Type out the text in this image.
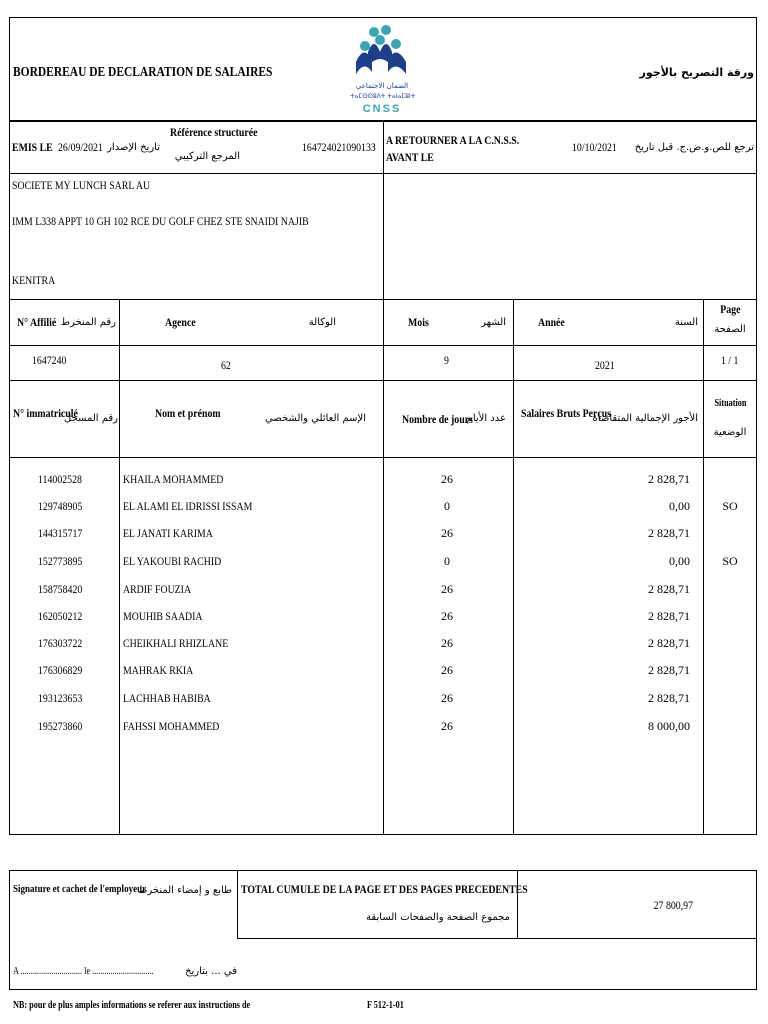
BORDEREAU DE DECLARATION DE SALAIRES	ورقة التصريح بالأجور
الضمان الاجتماعي
ⵜⴰⵎⵙⵙⵓⴷⵜ ⵜⴰⵏⴰⵎⵓⵏⵜ
CNSS
EMIS LE 26/09/2021 تاريخ الإصدار
Référence structurée
المرجع التركيبي
16472402109013З A RETOURNER A LA C.N.S.S.
AVANT LE
10/10/2021	ترجع للص.و.ض.ج. قبل تاريخ
SOCIETE MY LUNCH SARL AU
IMM L338 APPT 10 GH 102 RCE DU GOLF CHEZ STE SNAIDI NAJIB
KENITRA
N° Affilié رقم المنخرط	Agence	الوكالة	Mois	الشهر	Année	السنة
Page
الصفحة
1647240	62	9	2021	1 / 1
N° immatriculé
رقم المسجل	Nom et prénom	الإسم العائلي والشخصي	Nombre de jours
عدد الأيام Salaires Bruts Perçus
الأجور الإجمالية المتقاضاة
Situation
الوضعية
114002528	KHAILA MOHAMMED	26	2 828,71
129748905	EL ALAMI EL IDRISSI ISSAM	0	0,00	SO
144315717	EL JANATI KARIMA	26	2 828,71
152773895	EL YAKOUBI RACHID	0	0,00	SO
158758420	ARDIF FOUZIA	26	2 828,71
162050212	MOUHIB SAADIA	26	2 828,71
176303722	CHEIKHALI RHIZLANE	26	2 828,71
176306829	MAHRAK RKIA	26	2 828,71
193123653	LACHHAB HABIBA	26	2 828,71
195273860	FAHSSI MOHAMMED	26	8 000,00
Signature et cachet de l'employeur
طابع و إمضاء المنخرط TOTAL CUMULE DE LA PAGE ET DES PAGES PRECEDENTES
مجموع الصفحة والصفحات السابقة
27 800,97
A .............................. le ..............................	في ... بتاريخ
NB: pour de plus amples informations se referer aux instructions de	F 512-1-01
